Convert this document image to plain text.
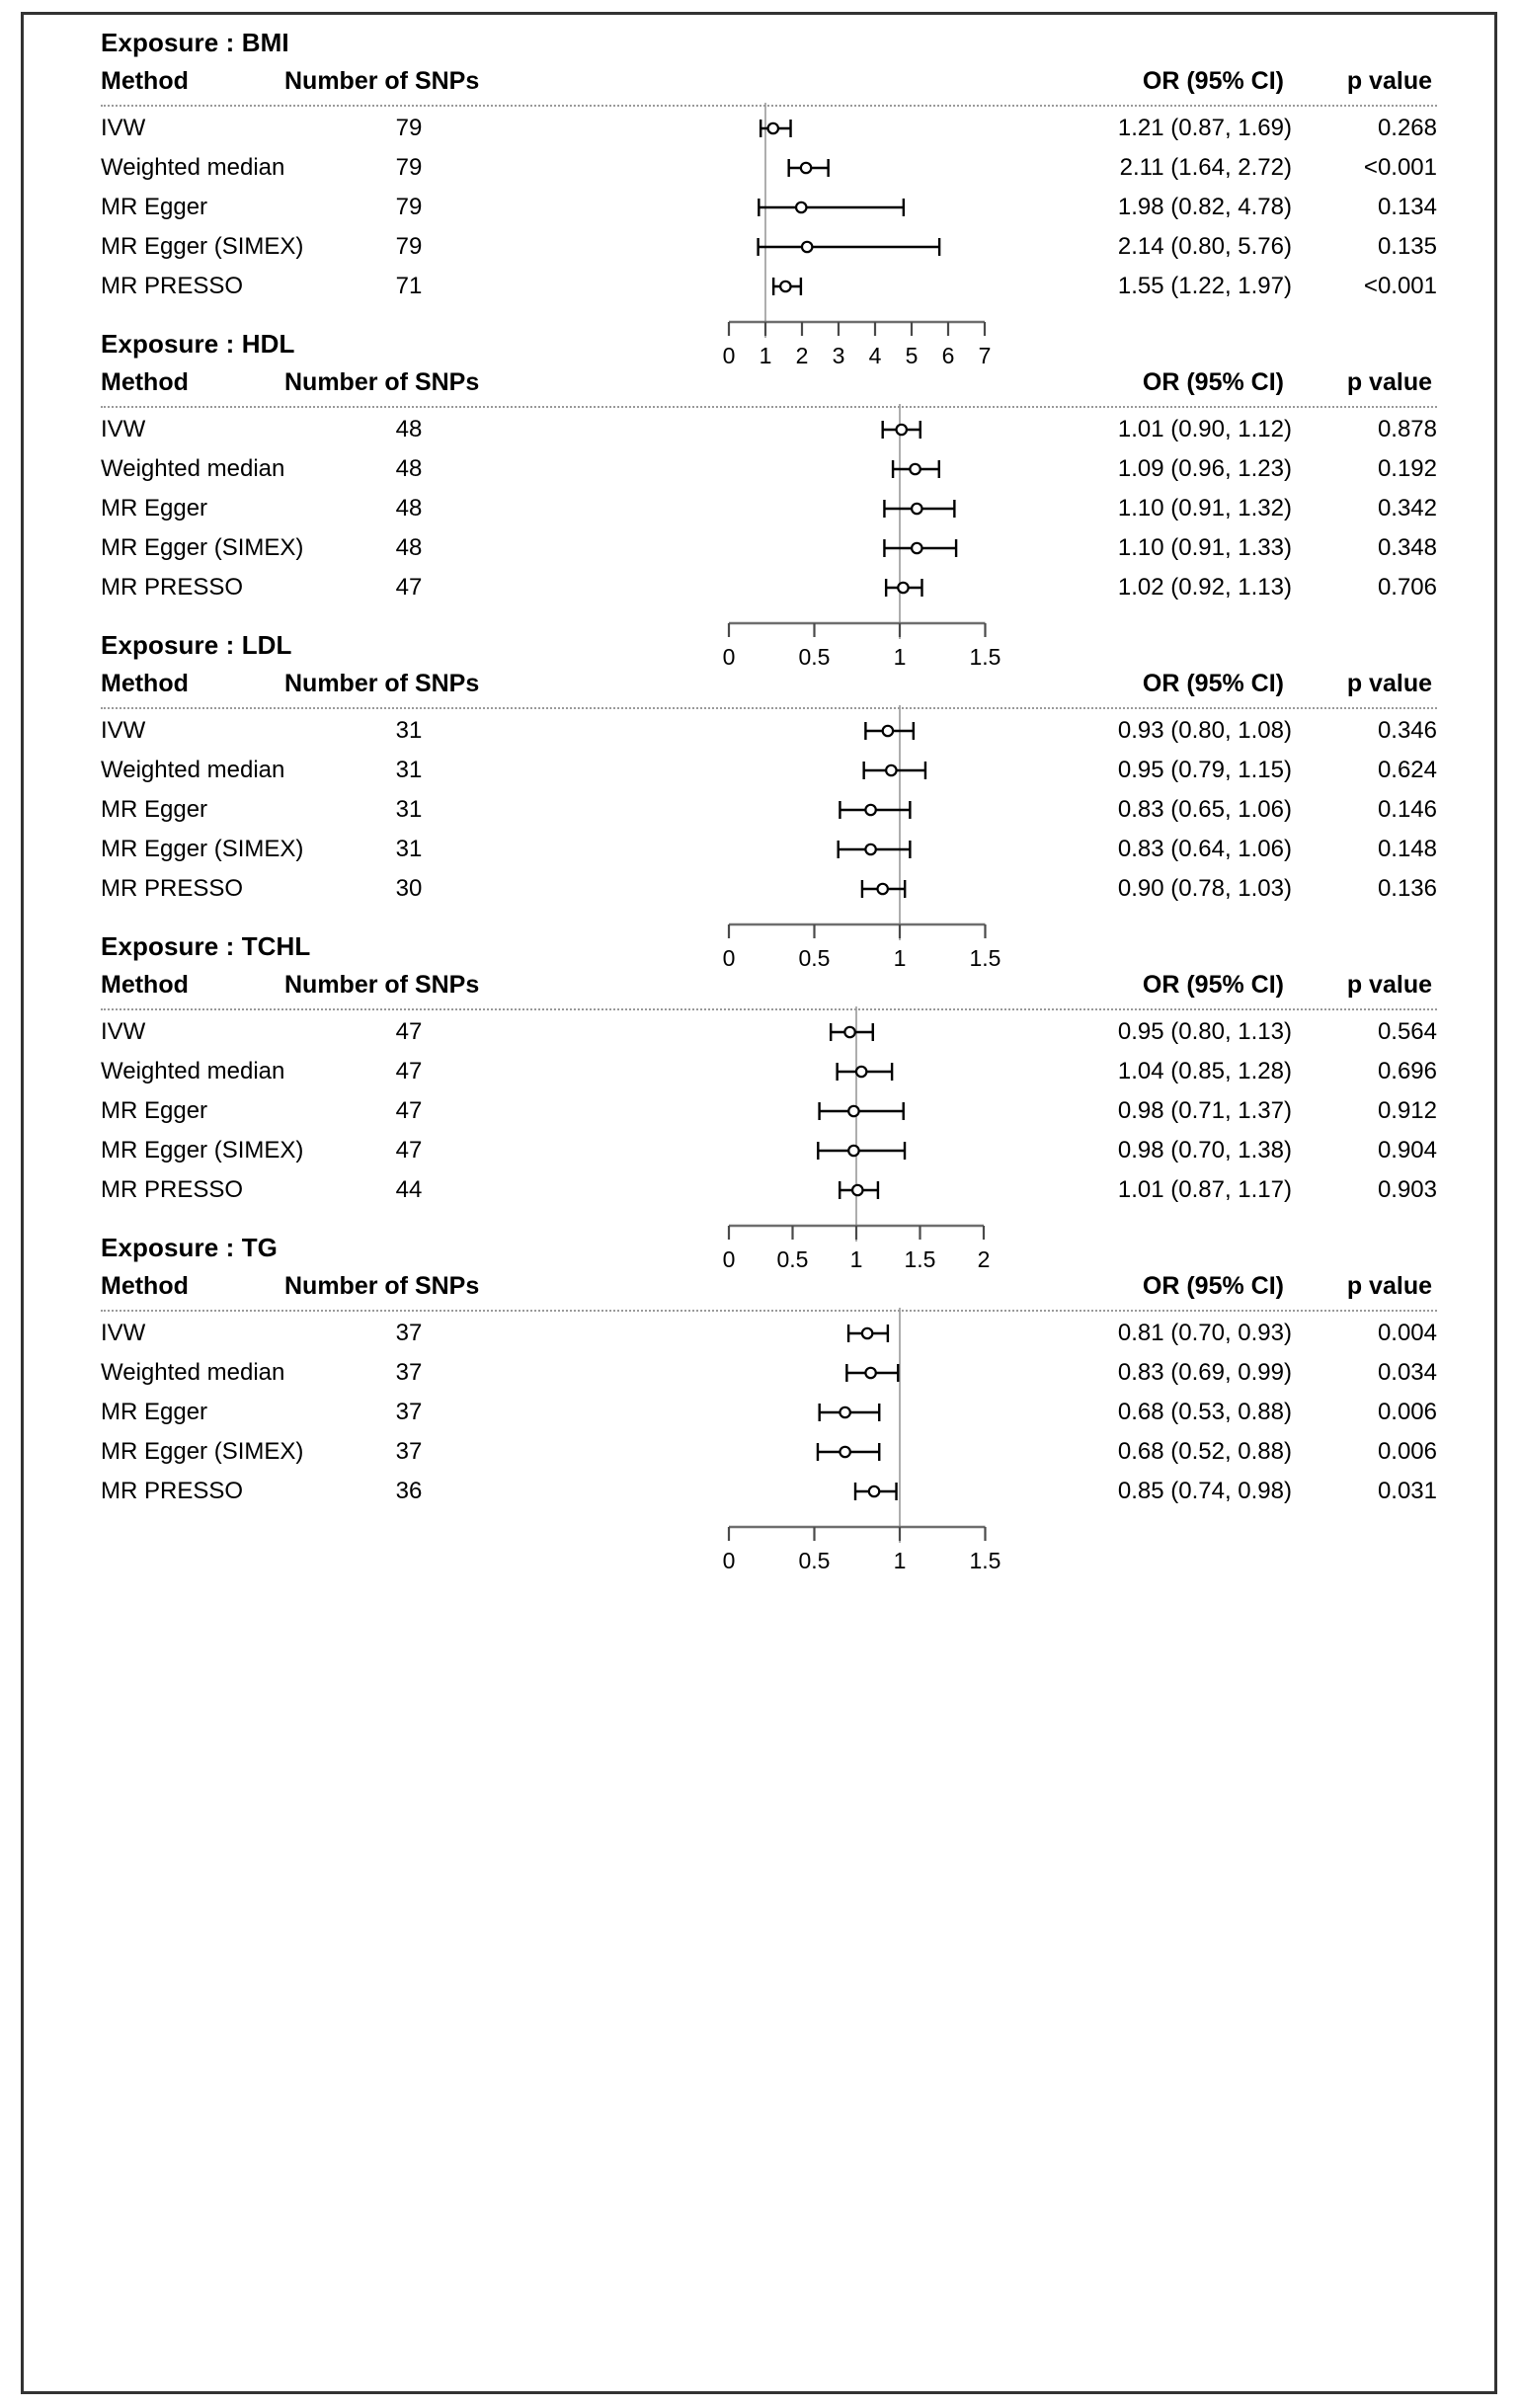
Exposure : BMI
Method	Number of SNPs	OR (95% CI)	p value
IVW	79	1.21 (0.87, 1.69)	0.268
Weighted median	79	2.11 (1.64, 2.72)	<0.001
MR Egger	79	1.98 (0.82, 4.78)	0.134
MR Egger (SIMEX)	79	2.14 (0.80, 5.76)	0.135
MR PRESSO	71	1.55 (1.22, 1.97)	<0.001
0 1 2 3 4 5 6 7
Exposure : HDL
Method	Number of SNPs	OR (95% CI)	p value
IVW	48	1.01 (0.90, 1.12)	0.878
Weighted median	48	1.09 (0.96, 1.23)	0.192
MR Egger	48	1.10 (0.91, 1.32)	0.342
MR Egger (SIMEX)	48	1.10 (0.91, 1.33)	0.348
MR PRESSO	47	1.02 (0.92, 1.13)	0.706
0	0.5	1	1.5
Exposure : LDL
Method	Number of SNPs	OR (95% CI)	p value
IVW	31	0.93 (0.80, 1.08)	0.346
Weighted median	31	0.95 (0.79, 1.15)	0.624
MR Egger	31	0.83 (0.65, 1.06)	0.146
MR Egger (SIMEX)	31	0.83 (0.64, 1.06)	0.148
MR PRESSO	30	0.90 (0.78, 1.03)	0.136
0	0.5	1	1.5
Exposure : TCHL
Method	Number of SNPs	OR (95% CI)	p value
IVW	47	0.95 (0.80, 1.13)	0.564
Weighted median	47	1.04 (0.85, 1.28)	0.696
MR Egger	47	0.98 (0.71, 1.37)	0.912
MR Egger (SIMEX)	47	0.98 (0.70, 1.38)	0.904
MR PRESSO	44	1.01 (0.87, 1.17)	0.903
0 0.5 1 1.5 2
Exposure : TG
Method	Number of SNPs	OR (95% CI)	p value
IVW	37	0.81 (0.70, 0.93)	0.004
Weighted median	37	0.83 (0.69, 0.99)	0.034
MR Egger	37	0.68 (0.53, 0.88)	0.006
MR Egger (SIMEX)	37	0.68 (0.52, 0.88)	0.006
MR PRESSO	36	0.85 (0.74, 0.98)	0.031
0	0.5	1	1.5
